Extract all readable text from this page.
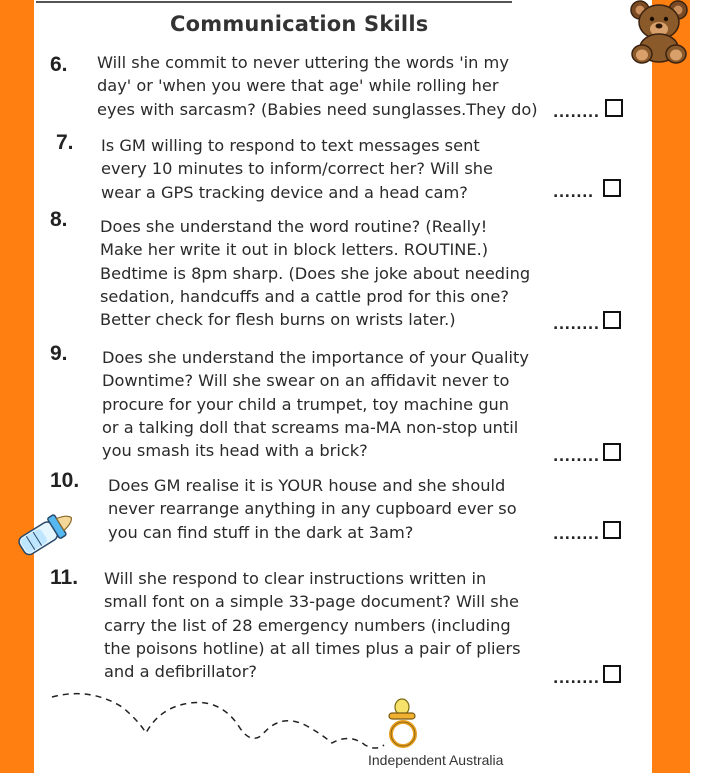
Communication Skills
6.
7.
8.
9.
10.
11.
Will she commit to never uttering the words 'in my
day' or 'when you were that age' while rolling her
eyes with sarcasm? (Babies need sunglasses.They do) ........
Is GM willing to respond to text messages sent
every 10 minutes to inform/correct her? Will she
wear a GPS tracking device and a head cam?	.......
Does she understand the word routine? (Really!
Make her write it out in block letters. ROUTINE.)
Bedtime is 8pm sharp. (Does she joke about needing
sedation, handcuffs and a cattle prod for this one?
Better check for flesh burns on wrists later.)	........
Does she understand the importance of your Quality
Downtime? Will she swear on an affidavit never to
procure for your child a trumpet, toy machine gun
or a talking doll that screams ma-MA non-stop until
you smash its head with a brick?	........
Does GM realise it is YOUR house and she should
never rearrange anything in any cupboard ever so
you can find stuff in the dark at 3am?	........
Will she respond to clear instructions written in
small font on a simple 33-page document? Will she
carry the list of 28 emergency numbers (including
the poisons hotline) at all times plus a pair of pliers
and a defibrillator?	........
Independent Australia
